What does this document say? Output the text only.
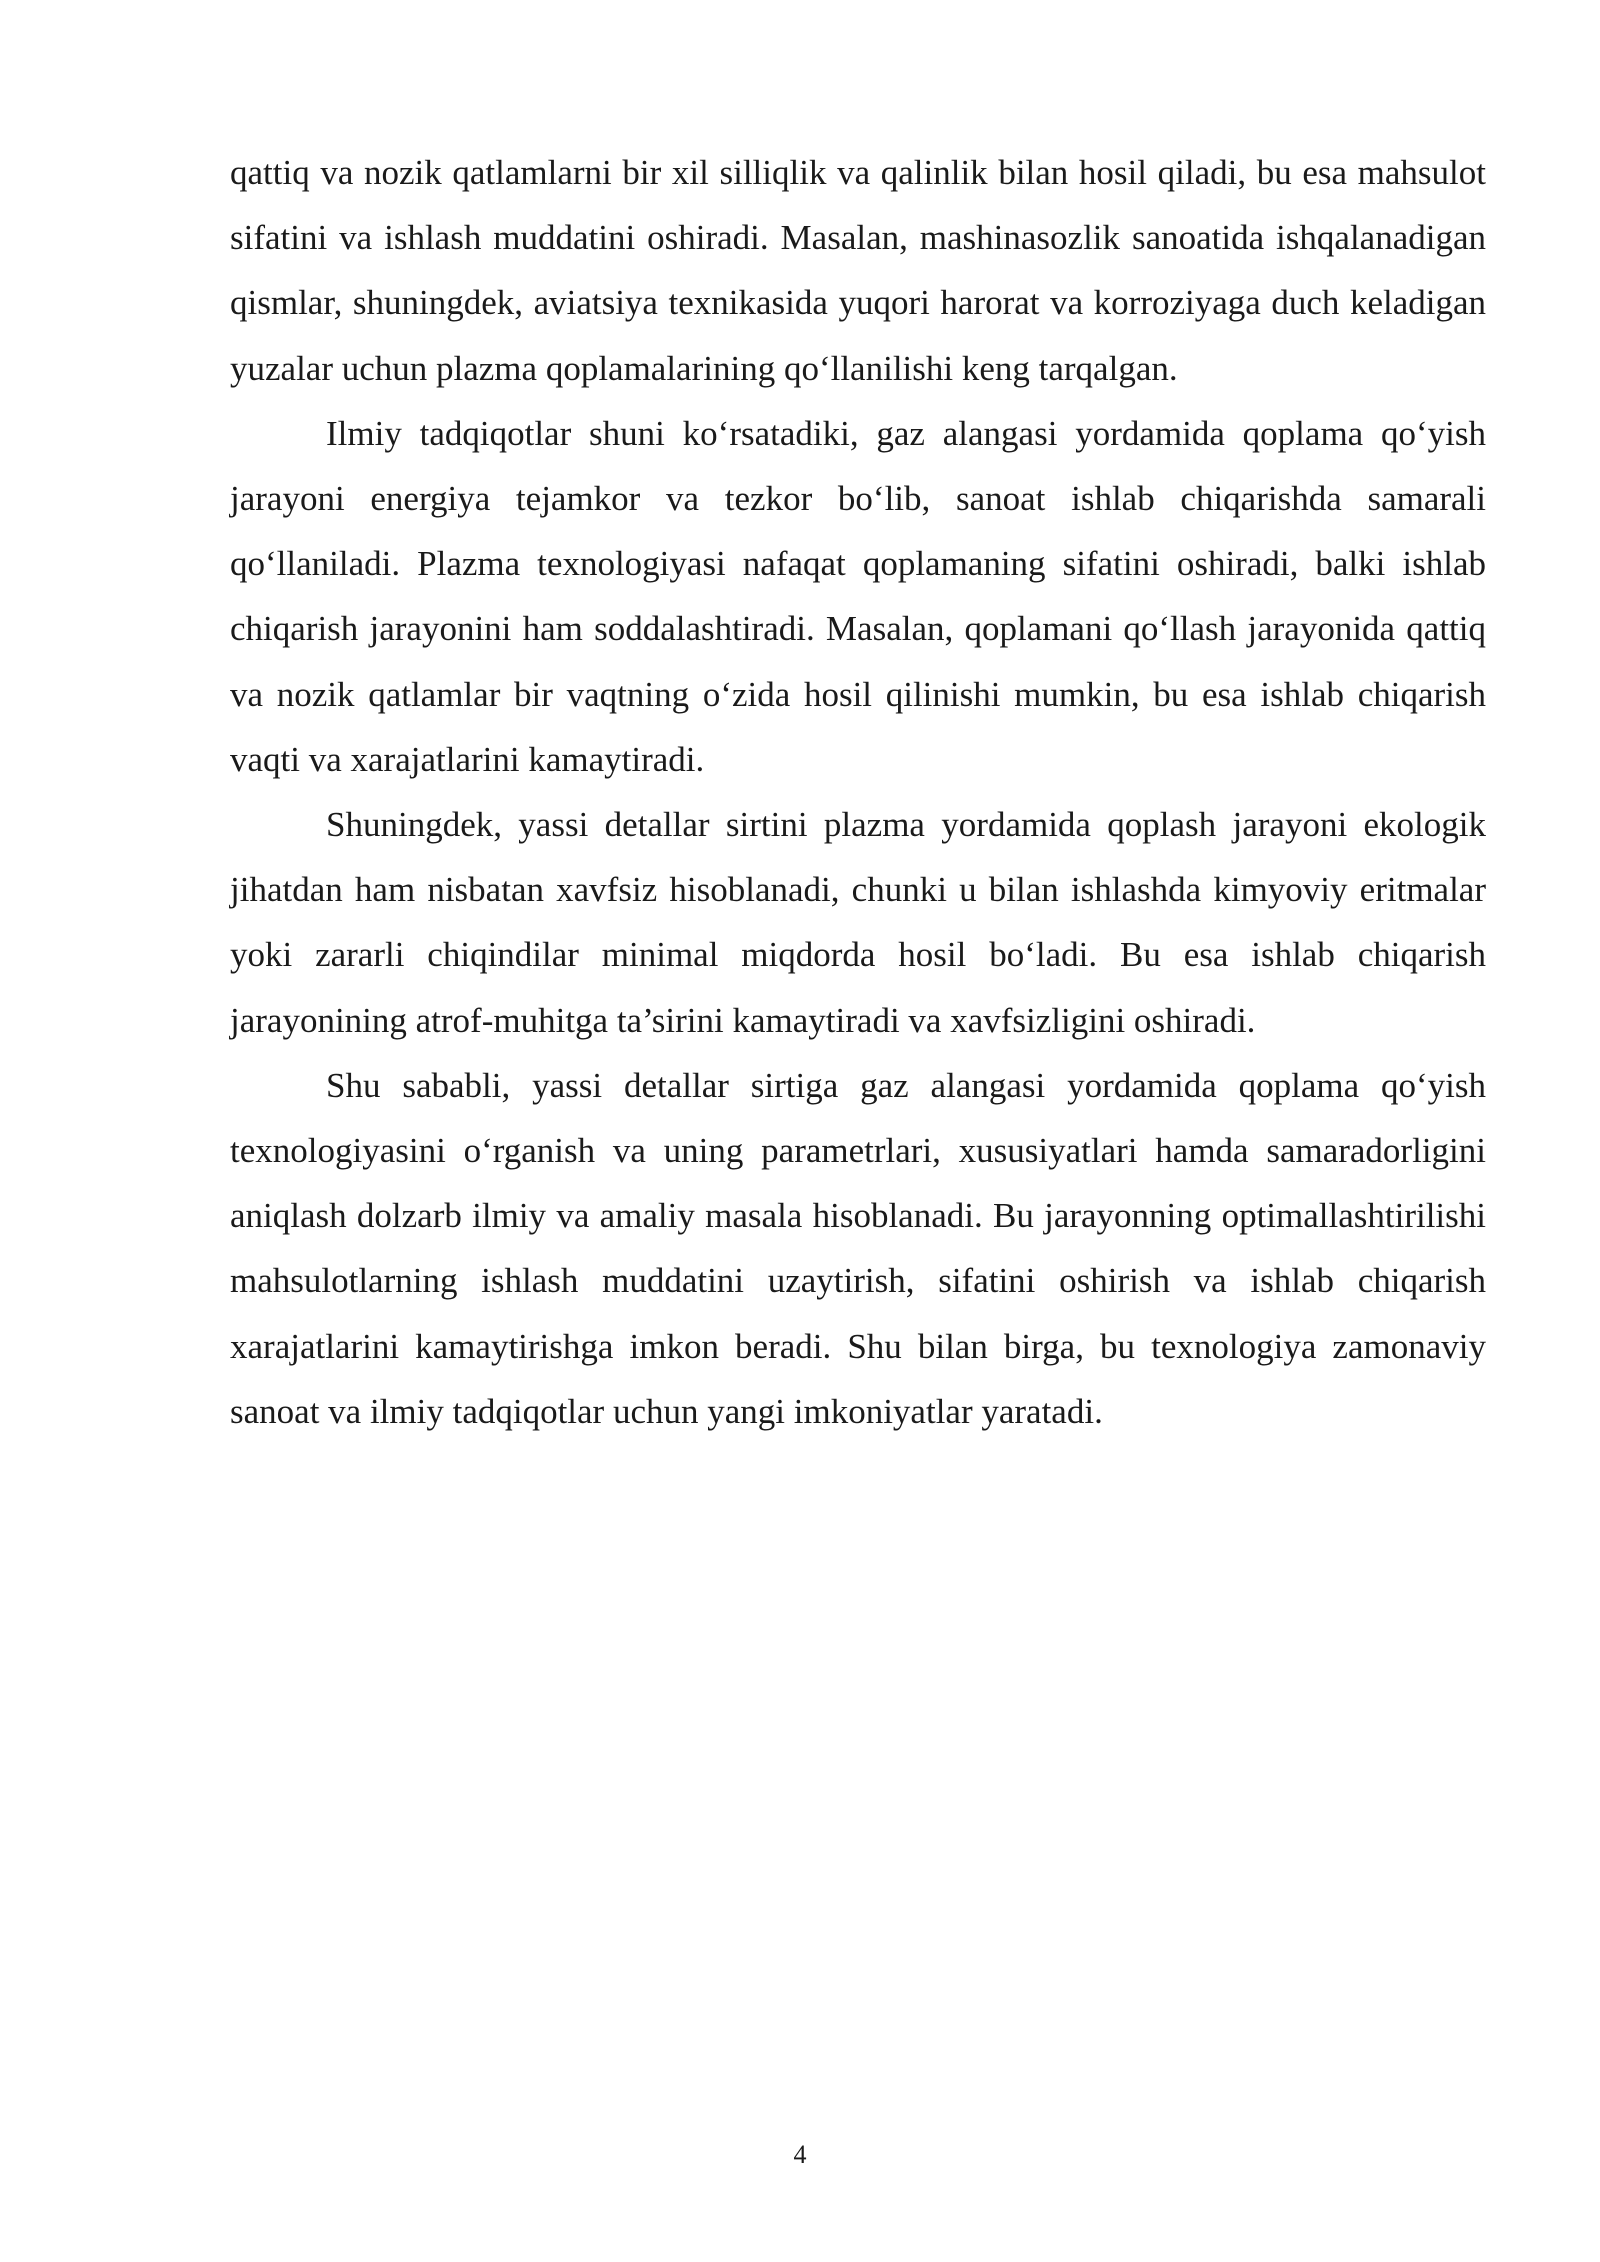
qattiq va nozik qatlamlarni bir xil silliqlik va qalinlik bilan hosil qiladi, bu esa mahsulot sifatini va ishlash muddatini oshiradi. Masalan, mashinasozlik sanoatida ishqalanadigan qismlar, shuningdek, aviatsiya texnikasida yuqori harorat va korroziyaga duch keladigan yuzalar uchun plazma qoplamalarining qo‘llanilishi keng tarqalgan.

Ilmiy tadqiqotlar shuni ko‘rsatadiki, gaz alangasi yordamida qoplama qo‘yish jarayoni energiya tejamkor va tezkor bo‘lib, sanoat ishlab chiqarishda samarali qo‘llaniladi. Plazma texnologiyasi nafaqat qoplamaning sifatini oshiradi, balki ishlab chiqarish jarayonini ham soddalashtiradi. Masalan, qoplamani qo‘llash jarayonida qattiq va nozik qatlamlar bir vaqtning o‘zida hosil qilinishi mumkin, bu esa ishlab chiqarish vaqti va xarajatlarini kamaytiradi.

Shuningdek, yassi detallar sirtini plazma yordamida qoplash jarayoni ekologik jihatdan ham nisbatan xavfsiz hisoblanadi, chunki u bilan ishlashda kimyoviy eritmalar yoki zararli chiqindilar minimal miqdorda hosil bo‘ladi. Bu esa ishlab chiqarish jarayonining atrof-muhitga ta’sirini kamaytiradi va xavfsizligini oshiradi.

Shu sababli, yassi detallar sirtiga gaz alangasi yordamida qoplama qo‘yish texnologiyasini o‘rganish va uning parametrlari, xususiyatlari hamda samaradorligini aniqlash dolzarb ilmiy va amaliy masala hisoblanadi. Bu jarayonning optimallashtirilishi mahsulotlarning ishlash muddatini uzaytirish, sifatini oshirish va ishlab chiqarish xarajatlarini kamaytirishga imkon beradi. Shu bilan birga, bu texnologiya zamonaviy sanoat va ilmiy tadqiqotlar uchun yangi imkoniyatlar yaratadi.

4
